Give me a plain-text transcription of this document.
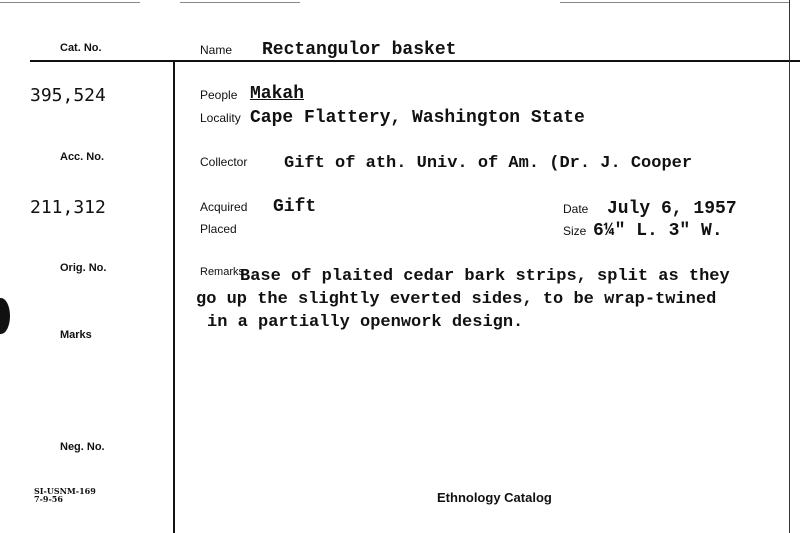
Cat. No.
Acc. No.
Orig. No.
Marks
Neg. No.
395,524
211,312
Name
People
Locality
Collector
Acquired
Placed
Date
Size
Remarks
Rectangulor basket
Makah
Cape Flattery, Washington State
Gift of ath. Univ. of Am. (Dr. J. Cooper
Gift	July 6, 1957
6¼" L. 3" W.
Base of plaited cedar bark strips, split as they
go up the slightly everted sides, to be wrap-twined
in a partially openwork design.
SI-USNM-169
7-9-56	Ethnology Catalog
